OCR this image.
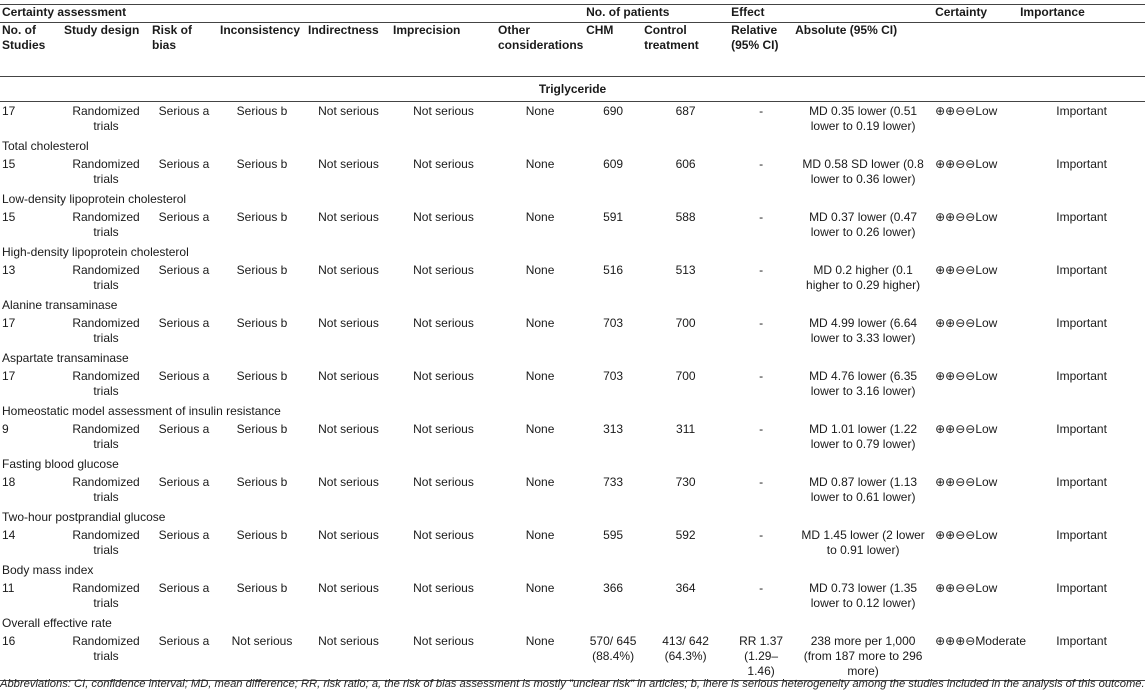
Certainty assessment							No. of patients		Effect		Certainty	Importance
No. of Studies	Study design	Risk of bias	Inconsistency	Indirectness	Imprecision	Other considerations	CHM	Control treatment	Relative (95% CI)	Absolute (95% CI)		
Triglyceride												
17	Randomized trials	Serious a	Serious b	Not serious	Not serious	None	690	687	-	MD 0.35 lower (0.51 lower to 0.19 lower)	⊕⊕⊖⊖Low	Important
Total cholesterol												
15	Randomized trials	Serious a	Serious b	Not serious	Not serious	None	609	606	-	MD 0.58 SD lower (0.8 lower to 0.36 lower)	⊕⊕⊖⊖Low	Important
Low-density lipoprotein cholesterol												
15	Randomized trials	Serious a	Serious b	Not serious	Not serious	None	591	588	-	MD 0.37 lower (0.47 lower to 0.26 lower)	⊕⊕⊖⊖Low	Important
High-density lipoprotein cholesterol												
13	Randomized trials	Serious a	Serious b	Not serious	Not serious	None	516	513	-	MD 0.2 higher (0.1 higher to 0.29 higher)	⊕⊕⊖⊖Low	Important
Alanine transaminase												
17	Randomized trials	Serious a	Serious b	Not serious	Not serious	None	703	700	-	MD 4.99 lower (6.64 lower to 3.33 lower)	⊕⊕⊖⊖Low	Important
Aspartate transaminase												
17	Randomized trials	Serious a	Serious b	Not serious	Not serious	None	703	700	-	MD 4.76 lower (6.35 lower to 3.16 lower)	⊕⊕⊖⊖Low	Important
Homeostatic model assessment of insulin resistance												
9	Randomized trials	Serious a	Serious b	Not serious	Not serious	None	313	311	-	MD 1.01 lower (1.22 lower to 0.79 lower)	⊕⊕⊖⊖Low	Important
Fasting blood glucose												
18	Randomized trials	Serious a	Serious b	Not serious	Not serious	None	733	730	-	MD 0.87 lower (1.13 lower to 0.61 lower)	⊕⊕⊖⊖Low	Important
Two-hour postprandial glucose												
14	Randomized trials	Serious a	Serious b	Not serious	Not serious	None	595	592	-	MD 1.45 lower (2 lower to 0.91 lower)	⊕⊕⊖⊖Low	Important
Body mass index												
11	Randomized trials	Serious a	Serious b	Not serious	Not serious	None	366	364	-	MD 0.73 lower (1.35 lower to 0.12 lower)	⊕⊕⊖⊖Low	Important
Overall effective rate												
16	Randomized trials	Serious a	Not serious	Not serious	Not serious	None	570/ 645 (88.4%)	413/ 642 (64.3%)	RR 1.37 (1.29–1.46)	238 more per 1,000 (from 187 more to 296 more)	⊕⊕⊕⊖Moderate	Important
Abbreviations: CI, confidence interval; MD, mean difference; RR, risk ratio; a, the risk of bias assessment is mostly "unclear risk" in articles; b, ihere is serious heterogeneity among the studies included in the analysis of this outcome.
